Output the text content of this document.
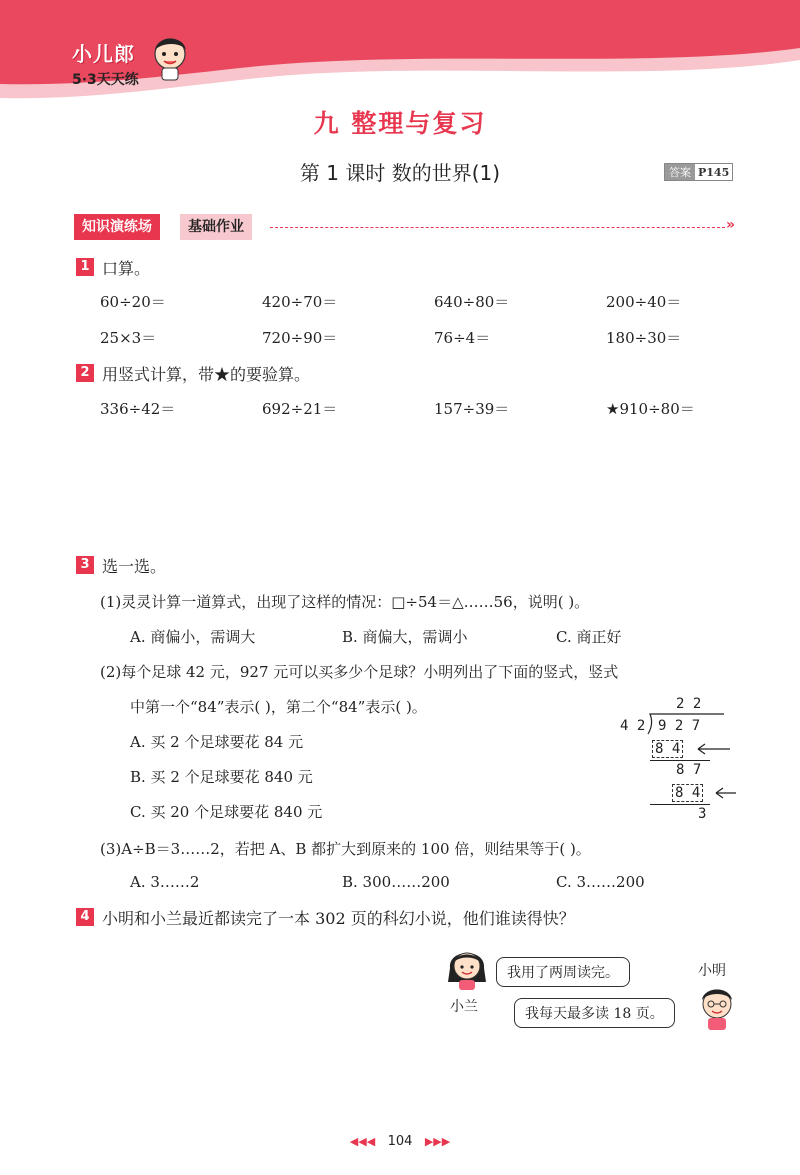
小儿郎
5·3天天练
九 整理与复习
第 1 课时 数的世界(1)	答案 P145
知识演练场	基础作业	»
1 口算。
60÷20＝	420÷70＝	640÷80＝	200÷40＝
25×3＝	720÷90＝	76÷4＝	180÷30＝
2 用竖式计算，带★的要验算。
336÷42＝	692÷21＝	157÷39＝	★910÷80＝
3 选一选。
(1)灵灵计算一道算式，出现了这样的情况：□÷54＝△……56，说明( )。
A. 商偏小，需调大	B. 商偏大，需调小	C. 商正好
(2)每个足球 42 元，927 元可以买多少个足球？小明列出了下面的竖式，竖式
中第一个“84”表示( )，第二个“84”表示( )。
A. 买 2 个足球要花 84 元
B. 买 2 个足球要花 840 元
C. 买 20 个足球要花 840 元
2 2
4 2 9 2 7
8 4
8 7
8 4
3
(3)A÷B＝3……2，若把 A、B 都扩大到原来的 100 倍，则结果等于( )。
A. 3……2	B. 300……200	C. 3……200
4 小明和小兰最近都读完了一本 302 页的科幻小说，他们谁读得快？
小兰
我用了两周读完。	小明
我每天最多读 18 页。
◀◀◀ 104 ▶▶▶
